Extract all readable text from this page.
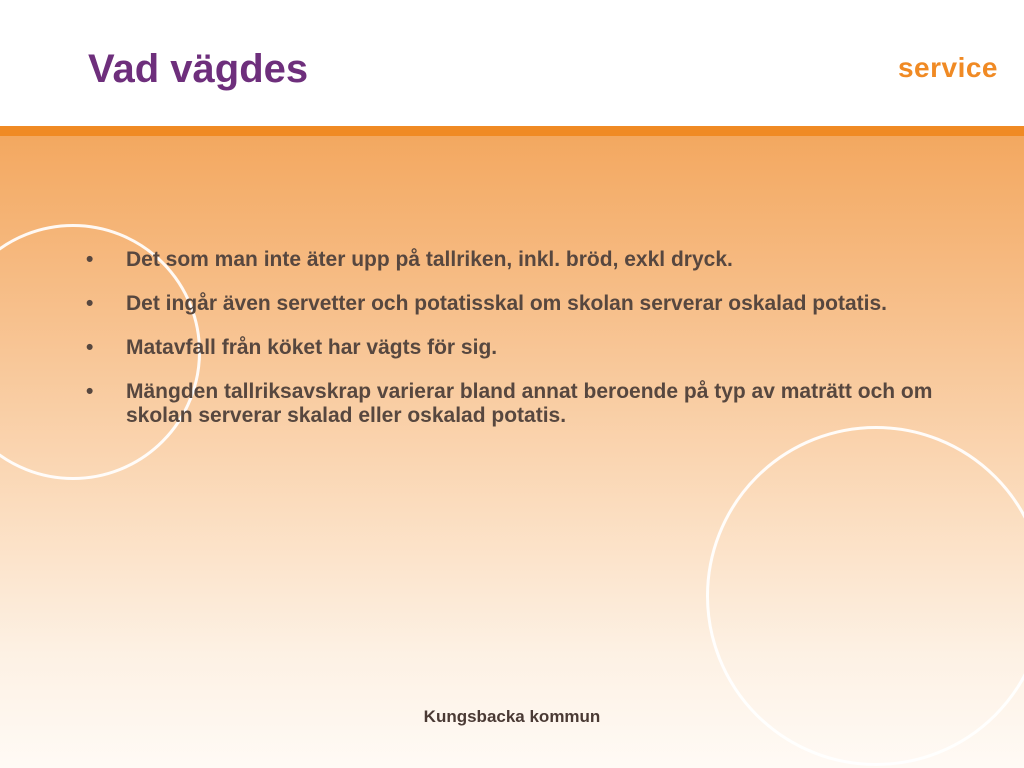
Vad vägdes	service
•	Det som man inte äter upp på tallriken, inkl. bröd, exkl dryck.
•	Det ingår även servetter och potatisskal om skolan serverar oskalad potatis.
•	Matavfall från köket har vägts för sig.
•	Mängden tallriksavskrap varierar bland annat beroende på typ av maträtt och om skolan serverar skalad eller oskalad potatis.
Kungsbacka kommun
